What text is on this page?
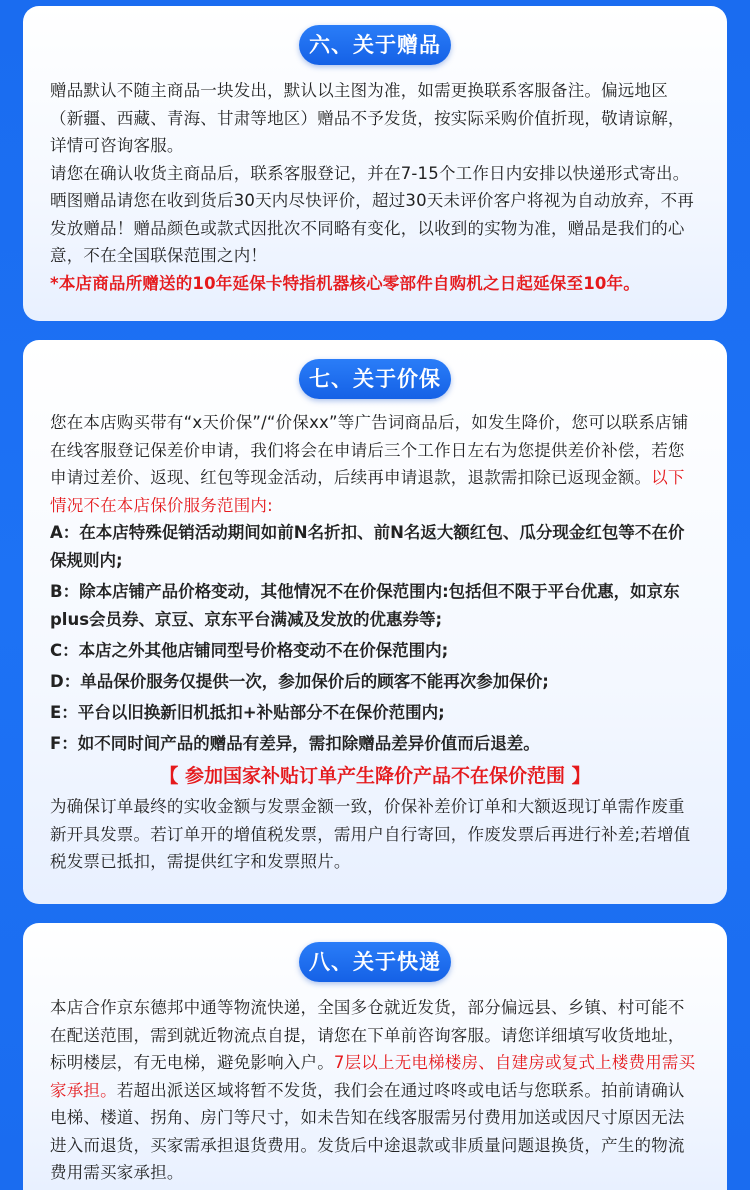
六、关于赠品

赠品默认不随主商品一块发出，默认以主图为准，如需更换联系客服备注。偏远地区（新疆、西藏、青海、甘肃等地区）赠品不予发货，按实际采购价值折现，敬请谅解，详情可咨询客服。

请您在确认收货主商品后，联系客服登记，并在7-15个工作日内安排以快递形式寄出。晒图赠品请您在收到货后30天内尽快评价，超过30天未评价客户将视为自动放弃，不再发放赠品！赠品颜色或款式因批次不同略有变化，以收到的实物为准，赠品是我们的心意，不在全国联保范围之内！

*本店商品所赠送的10年延保卡特指机器核心零部件自购机之日起延保至10年。

七、关于价保

您在本店购买带有“x天价保”/“价保xx”等广告词商品后，如发生降价，您可以联系店铺在线客服登记保差价申请，我们将会在申请后三个工作日左右为您提供差价补偿，若您申请过差价、返现、红包等现金活动，后续再申请退款，退款需扣除已返现金额。以下情况不在本店保价服务范围内:

A：在本店特殊促销活动期间如前N名折扣、前N名返大额红包、瓜分现金红包等不在价保规则内;

B：除本店铺产品价格变动，其他情况不在价保范围内:包括但不限于平台优惠，如京东plus会员券、京豆、京东平台满减及发放的优惠券等;

C：本店之外其他店铺同型号价格变动不在价保范围内;

D：单品保价服务仅提供一次，参加保价后的顾客不能再次参加保价;

E：平台以旧换新旧机抵扣+补贴部分不在保价范围内;

F：如不同时间产品的赠品有差异，需扣除赠品差异价值而后退差。

【 参加国家补贴订单产生降价产品不在保价范围 】

为确保订单最终的实收金额与发票金额一致，价保补差价订单和大额返现订单需作废重新开具发票。若订单开的增值税发票，需用户自行寄回，作废发票后再进行补差;若增值税发票已抵扣，需提供红字和发票照片。

八、关于快递

本店合作京东德邦中通等物流快递，全国多仓就近发货，部分偏远县、乡镇、村可能不在配送范围，需到就近物流点自提，请您在下单前咨询客服。请您详细填写收货地址，标明楼层，有无电梯，避免影响入户。7层以上无电梯楼房、自建房或复式上楼费用需买家承担。若超出派送区域将暂不发货，我们会在通过咚咚或电话与您联系。拍前请确认电梯、楼道、拐角、房门等尺寸，如未告知在线客服需另付费用加送或因尺寸原因无法进入而退货，买家需承担退货费用。发货后中途退款或非质量问题退换货，产生的物流费用需买家承担。
